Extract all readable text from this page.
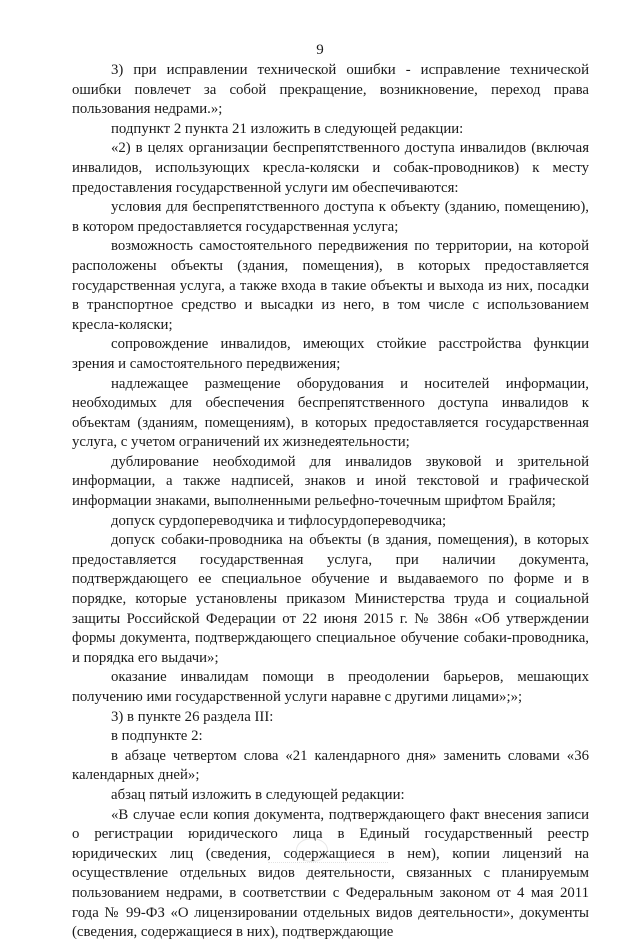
9

3) при исправлении технической ошибки - исправление технической ошибки повлечет за собой прекращение, возникновение, переход права пользования недрами.»;

подпункт 2 пункта 21 изложить в следующей редакции:

«2) в целях организации беспрепятственного доступа инвалидов (включая инвалидов, использующих кресла-коляски и собак-проводников) к месту предоставления государственной услуги им обеспечиваются:

условия для беспрепятственного доступа к объекту (зданию, помещению), в котором предоставляется государственная услуга;

возможность самостоятельного передвижения по территории, на которой расположены объекты (здания, помещения), в которых предоставляется государственная услуга, а также входа в такие объекты и выхода из них, посадки в транспортное средство и высадки из него, в том числе с использованием кресла-коляски;

сопровождение инвалидов, имеющих стойкие расстройства функции зрения и самостоятельного передвижения;

надлежащее размещение оборудования и носителей информации, необходимых для обеспечения беспрепятственного доступа инвалидов к объектам (зданиям, помещениям), в которых предоставляется государственная услуга, с учетом ограничений их жизнедеятельности;

дублирование необходимой для инвалидов звуковой и зрительной информации, а также надписей, знаков и иной текстовой и графической информации знаками, выполненными рельефно-точечным шрифтом Брайля;

допуск сурдопереводчика и тифлосурдопереводчика;

допуск собаки-проводника на объекты (в здания, помещения), в которых предоставляется государственная услуга, при наличии документа, подтверждающего ее специальное обучение и выдаваемого по форме и в порядке, которые установлены приказом Министерства труда и социальной защиты Российской Федерации от 22 июня 2015 г. № 386н «Об утверждении формы документа, подтверждающего специальное обучение собаки-проводника, и порядка его выдачи»;

оказание инвалидам помощи в преодолении барьеров, мешающих получению ими государственной услуги наравне с другими лицами»;»;

3) в пункте 26 раздела III:

в подпункте 2:

в абзаце четвертом слова «21 календарного дня» заменить словами «36 календарных дней»;

абзац пятый изложить в следующей редакции:

«В случае если копия документа, подтверждающего факт внесения записи о регистрации юридического лица в Единый государственный реестр юридических лиц (сведения, содержащиеся в нем), копии лицензий на осуществление отдельных видов деятельности, связанных с планируемым пользованием недрами, в соответствии с Федеральным законом от 4 мая 2011 года № 99-ФЗ «О лицензировании отдельных видов деятельности», документы (сведения, содержащиеся в них), подтверждающие
